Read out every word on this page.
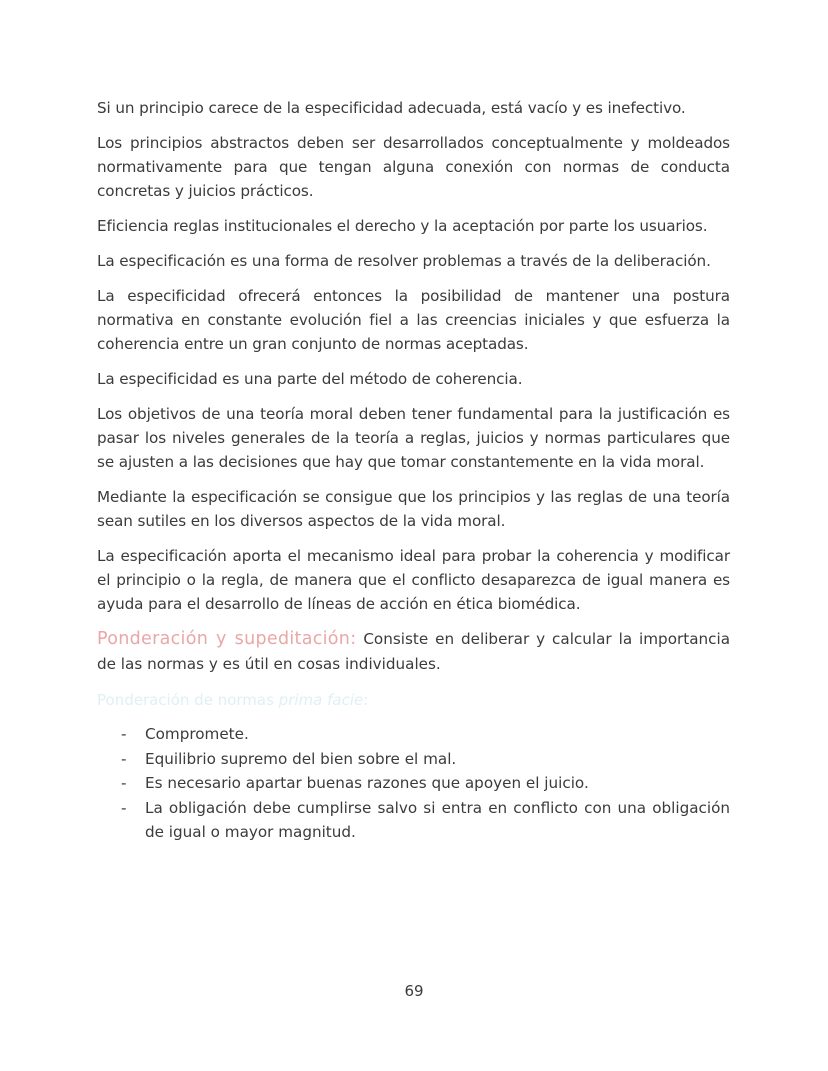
Si un principio carece de la especificidad adecuada, está vacío y es inefectivo.

Los principios abstractos deben ser desarrollados conceptualmente y moldeados normativamente para que tengan alguna conexión con normas de conducta concretas y juicios prácticos.

Eficiencia reglas institucionales el derecho y la aceptación por parte los usuarios.

La especificación es una forma de resolver problemas a través de la deliberación.

La especificidad ofrecerá entonces la posibilidad de mantener una postura normativa en constante evolución fiel a las creencias iniciales y que esfuerza la coherencia entre un gran conjunto de normas aceptadas.

La especificidad es una parte del método de coherencia.

Los objetivos de una teoría moral deben tener fundamental para la justificación es pasar los niveles generales de la teoría a reglas, juicios y normas particulares que se ajusten a las decisiones que hay que tomar constantemente en la vida moral.

Mediante la especificación se consigue que los principios y las reglas de una teoría sean sutiles en los diversos aspectos de la vida moral.

La especificación aporta el mecanismo ideal para probar la coherencia y modificar el principio o la regla, de manera que el conflicto desaparezca de igual manera es ayuda para el desarrollo de líneas de acción en ética biomédica.

Ponderación y supeditación: Consiste en deliberar y calcular la importancia de las normas y es útil en cosas individuales.

Ponderación de normas prima facie:

- Compromete.
- Equilibrio supremo del bien sobre el mal.
- Es necesario apartar buenas razones que apoyen el juicio.
- La obligación debe cumplirse salvo si entra en conflicto con una obligación de igual o mayor magnitud.
69
